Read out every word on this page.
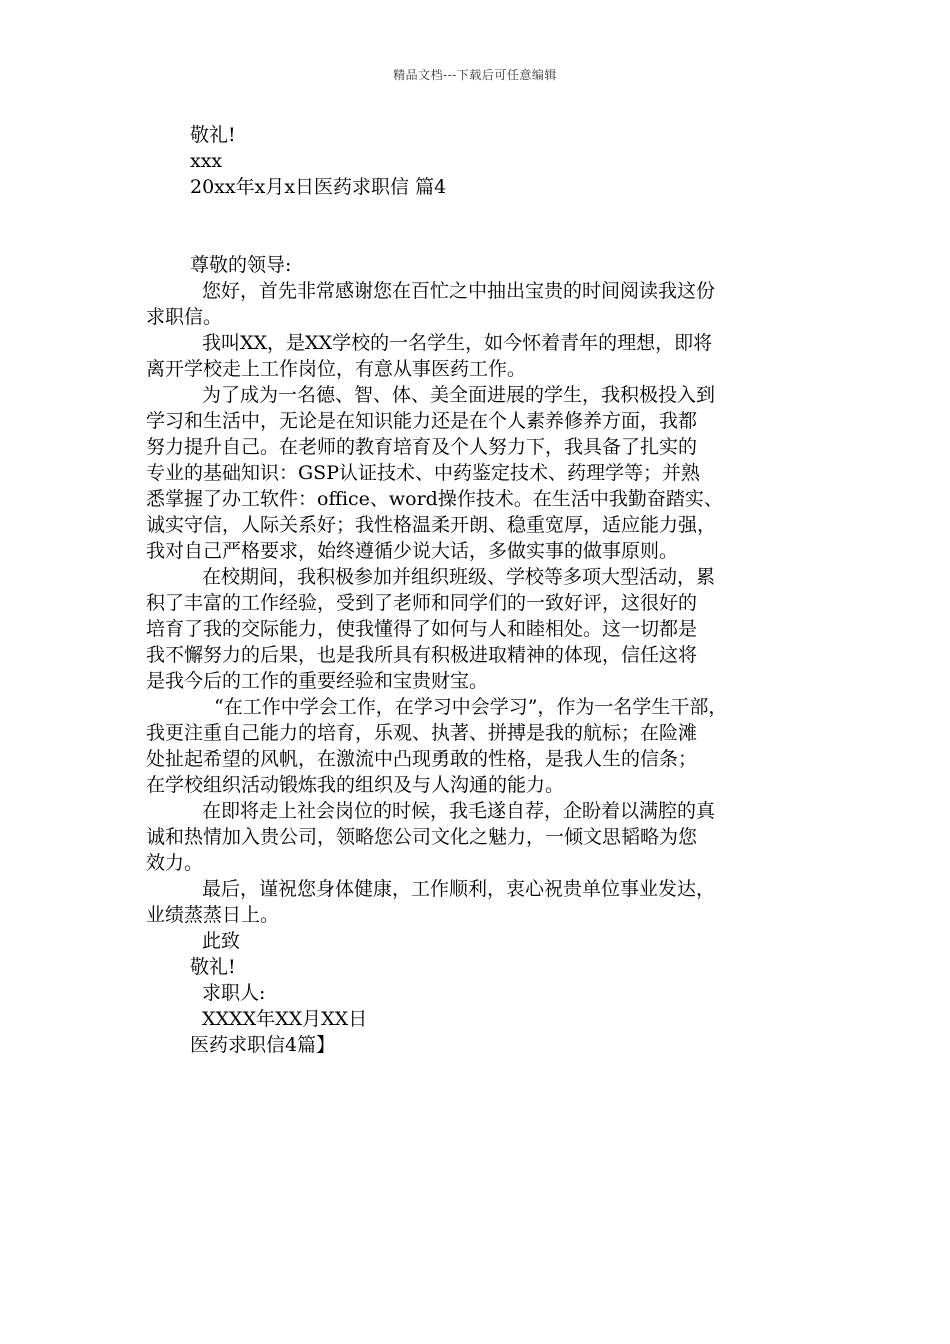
精品文档---下载后可任意编辑
敬礼!
xxx
20xx年x月x日医药求职信 篇4
尊敬的领导:
您好，首先非常感谢您在百忙之中抽出宝贵的时间阅读我这份
求职信。
我叫XX，是XX学校的一名学生，如今怀着青年的理想，即将
离开学校走上工作岗位，有意从事医药工作。
为了成为一名德、智、体、美全面进展的学生，我积极投入到
学习和生活中，无论是在知识能力还是在个人素养修养方面，我都
努力提升自己。在老师的教育培育及个人努力下，我具备了扎实的
专业的基础知识：GSP认证技术、中药鉴定技术、药理学等；并熟
悉掌握了办工软件：office、word操作技术。在生活中我勤奋踏实、
诚实守信，人际关系好；我性格温柔开朗、稳重宽厚，适应能力强，
我对自己严格要求，始终遵循少说大话，多做实事的做事原则。
在校期间，我积极参加并组织班级、学校等多项大型活动，累
积了丰富的工作经验，受到了老师和同学们的一致好评，这很好的
培育了我的交际能力，使我懂得了如何与人和睦相处。这一切都是
我不懈努力的后果，也是我所具有积极进取精神的体现，信任这将
是我今后的工作的重要经验和宝贵财宝。
“在工作中学会工作，在学习中会学习”，作为一名学生干部，
我更注重自己能力的培育，乐观、执著、拼搏是我的航标；在险滩
处扯起希望的风帆，在激流中凸现勇敢的性格，是我人生的信条；
在学校组织活动锻炼我的组织及与人沟通的能力。
在即将走上社会岗位的时候，我毛遂自荐，企盼着以满腔的真
诚和热情加入贵公司，领略您公司文化之魅力，一倾文思韬略为您
效力。
最后，谨祝您身体健康，工作顺利，衷心祝贵单位事业发达，
业绩蒸蒸日上。
此致
敬礼!
求职人:
XXXX年XX月XX日
医药求职信4篇】
